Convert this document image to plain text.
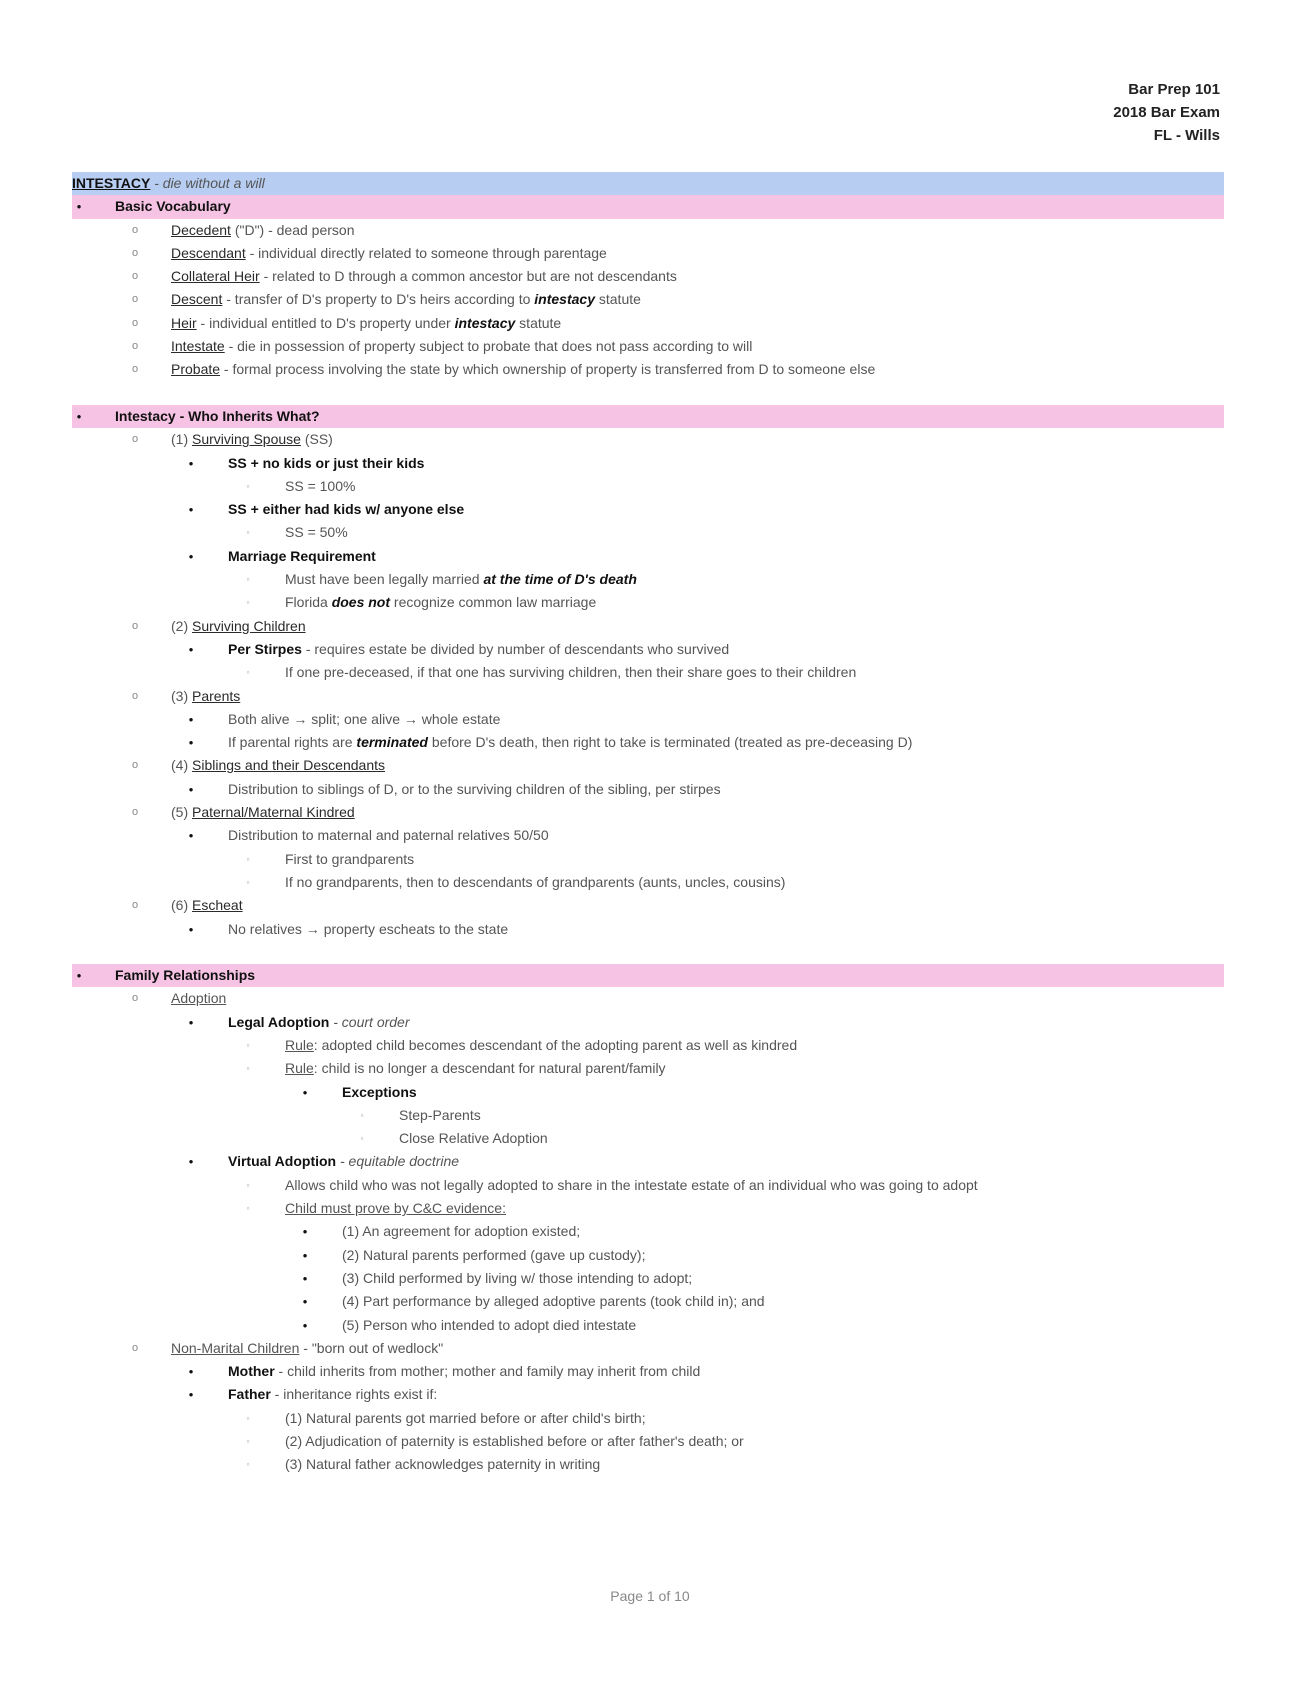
Bar Prep 101
2018 Bar Exam
FL - Wills
INTESTACY - die without a will
•	Basic Vocabulary
o Decedent ("D") - dead person
o Descendant - individual directly related to someone through parentage
o Collateral Heir - related to D through a common ancestor but are not descendants
o Descent - transfer of D's property to D's heirs according to intestacy statute
o Heir - individual entitled to D's property under intestacy statute
o Intestate - die in possession of property subject to probate that does not pass according to will
o Probate - formal process involving the state by which ownership of property is transferred from D to someone else
•	Intestacy - Who Inherits What?
o (1) Surviving Spouse (SS)
•	SS + no kids or just their kids
▫	SS = 100%
•	SS + either had kids w/ anyone else
▫	SS = 50%
•	Marriage Requirement
▫	Must have been legally married at the time of D's death
▫	Florida does not recognize common law marriage
o (2) Surviving Children
•	Per Stirpes - requires estate be divided by number of descendants who survived
▫	If one pre-deceased, if that one has surviving children, then their share goes to their children
o (3) Parents
•	Both alive → split; one alive → whole estate
•	If parental rights are terminated before D's death, then right to take is terminated (treated as pre-deceasing D)
o (4) Siblings and their Descendants
•	Distribution to siblings of D, or to the surviving children of the sibling, per stirpes
o (5) Paternal/Maternal Kindred
•	Distribution to maternal and paternal relatives 50/50
▫	First to grandparents
▫	If no grandparents, then to descendants of grandparents (aunts, uncles, cousins)
o (6) Escheat
•	No relatives → property escheats to the state
•	Family Relationships
o Adoption
•	Legal Adoption - court order
▫	Rule: adopted child becomes descendant of the adopting parent as well as kindred
▫	Rule: child is no longer a descendant for natural parent/family
•	Exceptions
▫	Step-Parents
▫	Close Relative Adoption
•	Virtual Adoption - equitable doctrine
▫	Allows child who was not legally adopted to share in the intestate estate of an individual who was going to adopt
▫	Child must prove by C&C evidence:
•	(1) An agreement for adoption existed;
•	(2) Natural parents performed (gave up custody);
•	(3) Child performed by living w/ those intending to adopt;
•	(4) Part performance by alleged adoptive parents (took child in); and
•	(5) Person who intended to adopt died intestate
o Non-Marital Children - "born out of wedlock"
•	Mother - child inherits from mother; mother and family may inherit from child
•	Father - inheritance rights exist if:
▫	(1) Natural parents got married before or after child's birth;
▫	(2) Adjudication of paternity is established before or after father's death; or
▫	(3) Natural father acknowledges paternity in writing
Page 1 of 10
